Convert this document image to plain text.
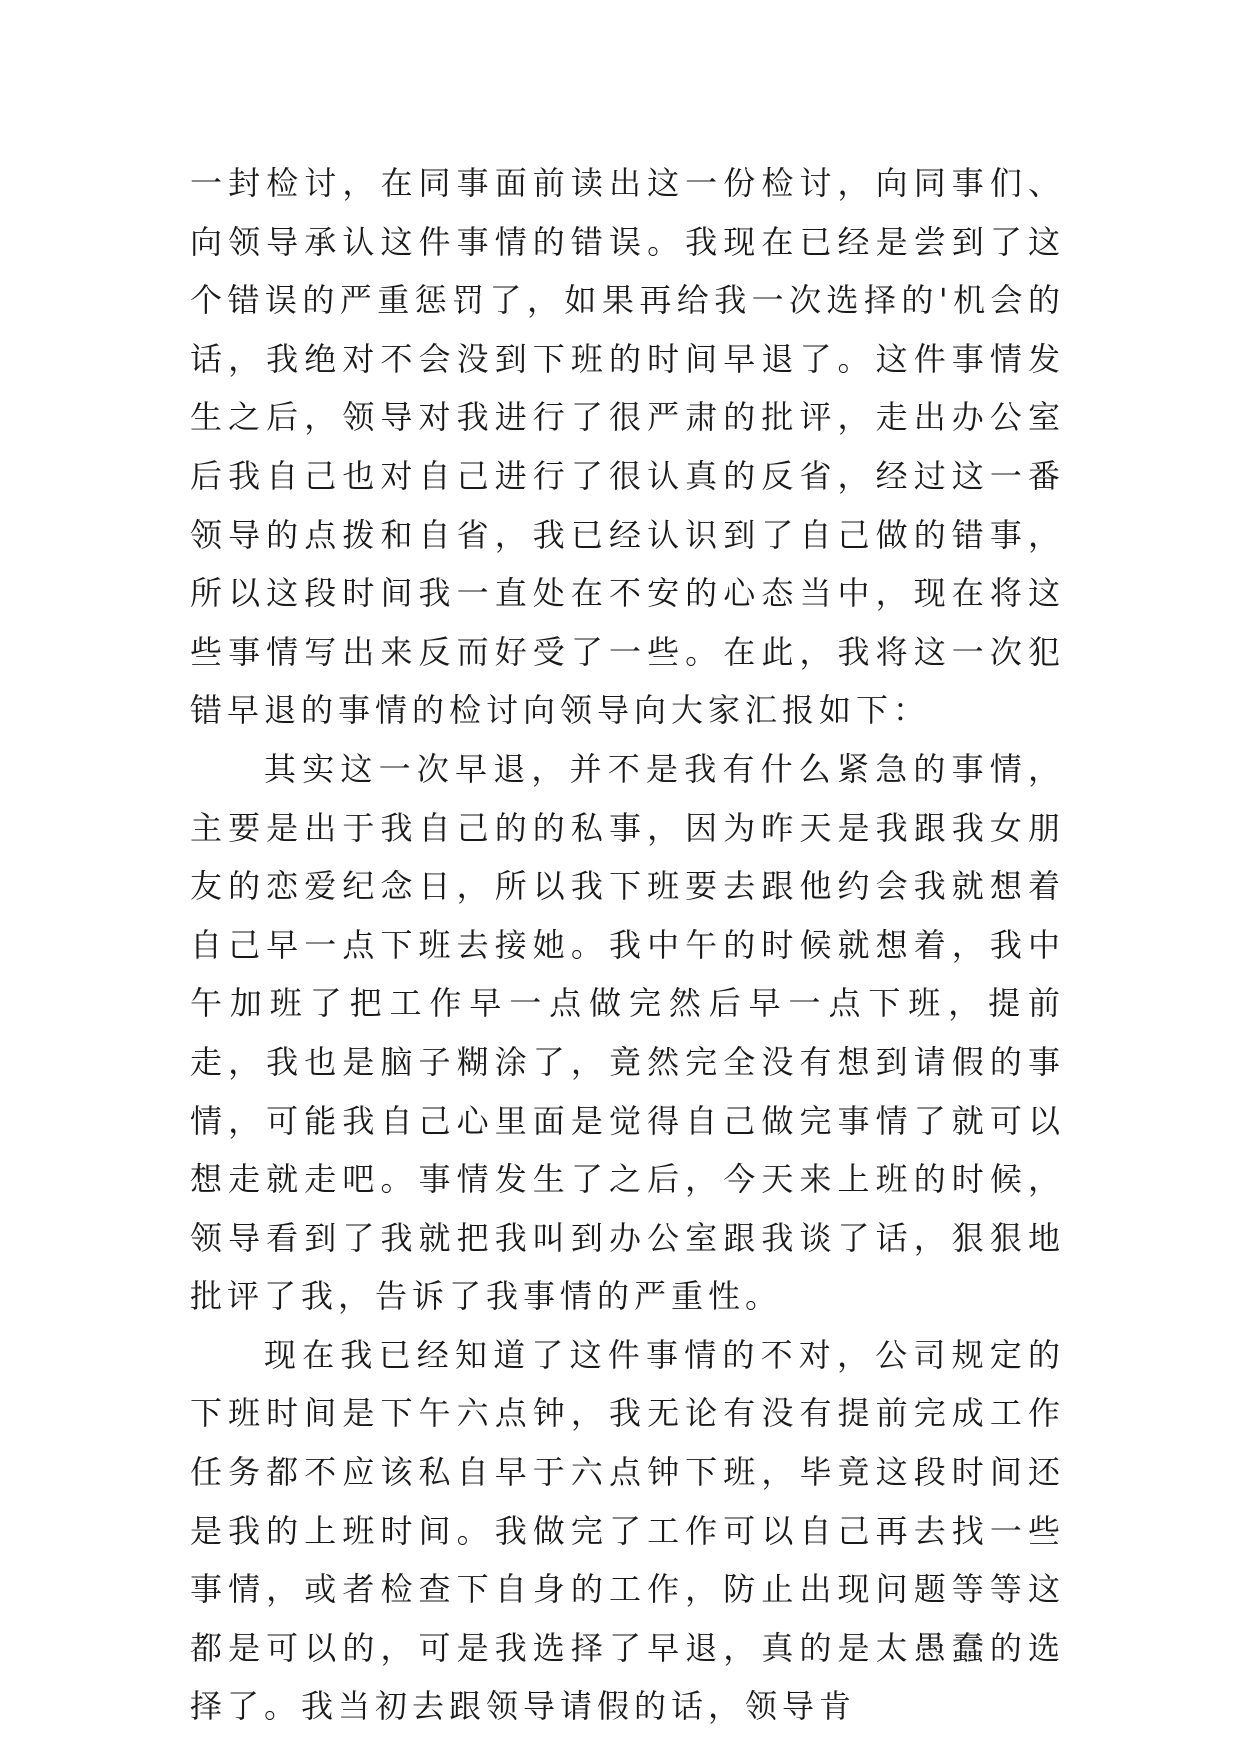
一封检讨，在同事面前读出这一份检讨，向同事们、向领导承认这件事情的错误。我现在已经是尝到了这个错误的严重惩罚了，如果再给我一次选择的'机会的话，我绝对不会没到下班的时间早退了。这件事情发生之后，领导对我进行了很严肃的批评，走出办公室后我自己也对自己进行了很认真的反省，经过这一番领导的点拨和自省，我已经认识到了自己做的错事，所以这段时间我一直处在不安的心态当中，现在将这些事情写出来反而好受了一些。在此，我将这一次犯错早退的事情的检讨向领导向大家汇报如下：

其实这一次早退，并不是我有什么紧急的事情，主要是出于我自己的的私事，因为昨天是我跟我女朋友的恋爱纪念日，所以我下班要去跟他约会我就想着自己早一点下班去接她。我中午的时候就想着，我中午加班了把工作早一点做完然后早一点下班，提前走，我也是脑子糊涂了，竟然完全没有想到请假的事情，可能我自己心里面是觉得自己做完事情了就可以想走就走吧。事情发生了之后，今天来上班的时候，领导看到了我就把我叫到办公室跟我谈了话，狠狠地批评了我，告诉了我事情的严重性。

现在我已经知道了这件事情的不对，公司规定的下班时间是下午六点钟，我无论有没有提前完成工作任务都不应该私自早于六点钟下班，毕竟这段时间还是我的上班时间。我做完了工作可以自己再去找一些事情，或者检查下自身的工作，防止出现问题等等这都是可以的，可是我选择了早退，真的是太愚蠢的选择了。我当初去跟领导请假的话，领导肯
